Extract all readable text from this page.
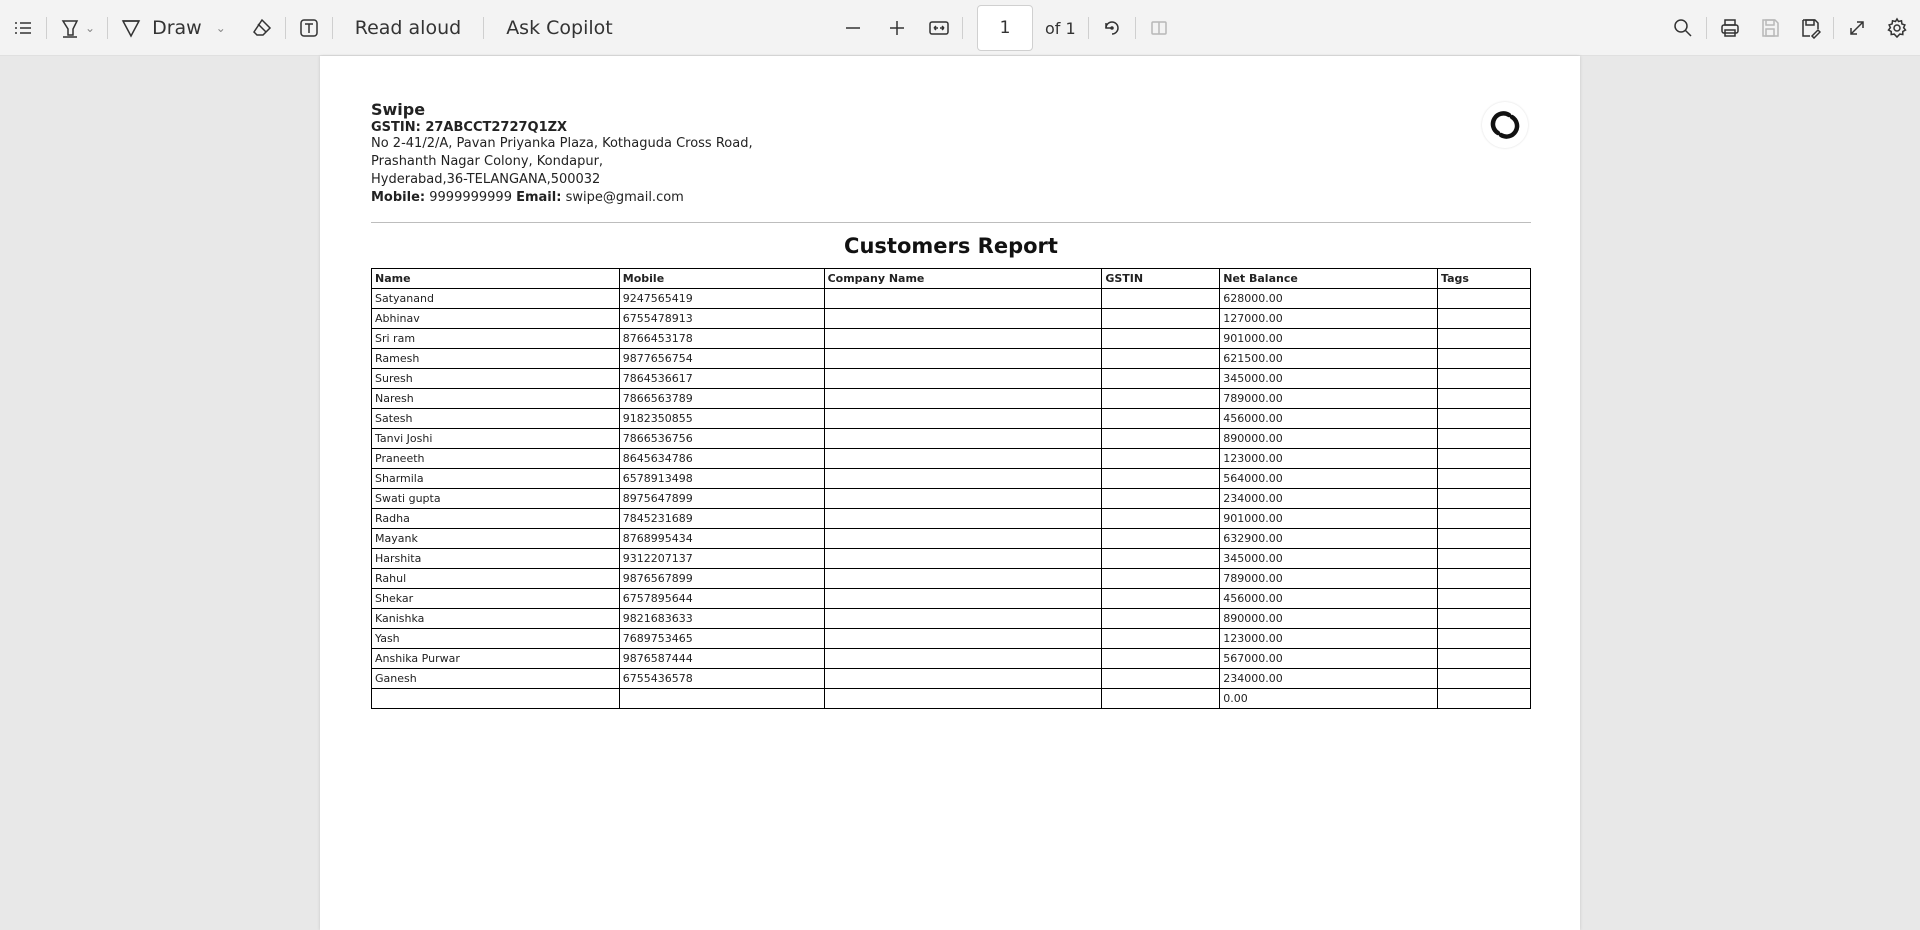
⌄	Draw	⌄	Read aloud	Ask Copilot	1	of 1
Swipe
GSTIN: 27ABCCT2727Q1ZX
No 2-41/2/A, Pavan Priyanka Plaza, Kothaguda Cross Road,
Prashanth Nagar Colony, Kondapur,
Hyderabad,36-TELANGANA,500032
Mobile: 9999999999 Email: swipe@gmail.com
Customers Report
Name	Mobile	Company Name	GSTIN	Net Balance	Tags
Satyanand	9247565419			628000.00	
Abhinav	6755478913			127000.00	
Sri ram	8766453178			901000.00	
Ramesh	9877656754			621500.00	
Suresh	7864536617			345000.00	
Naresh	7866563789			789000.00	
Satesh	9182350855			456000.00	
Tanvi Joshi	7866536756			890000.00	
Praneeth	8645634786			123000.00	
Sharmila	6578913498			564000.00	
Swati gupta	8975647899			234000.00	
Radha	7845231689			901000.00	
Mayank	8768995434			632900.00	
Harshita	9312207137			345000.00	
Rahul	9876567899			789000.00	
Shekar	6757895644			456000.00	
Kanishka	9821683633			890000.00	
Yash	7689753465			123000.00	
Anshika Purwar	9876587444			567000.00	
Ganesh	6755436578			234000.00	
				0.00	
